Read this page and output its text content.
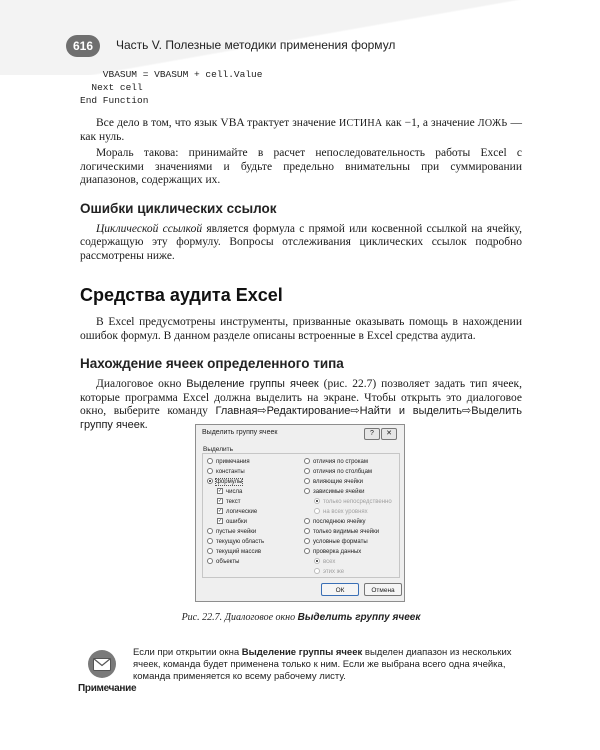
616	Часть V. Полезные методики применения формул
VBASUM = VBASUM + cell.Value
Next cell
End Function

Все дело в том, что язык VBA трактует значение ИСТИНА как −1, а значение ЛОЖЬ — как нуль.

Мораль такова: принимайте в расчет непоследовательность работы Excel с логическими значениями и будьте предельно внимательны при суммировании диапазонов, содержащих их.

Ошибки циклических ссылок

Циклической ссылкой является формула с прямой или косвенной ссылкой на ячейку, содержащую эту формулу. Вопросы отслеживания циклических ссылок подробно рассмотрены ниже.

Средства аудита Excel

В Excel предусмотрены инструменты, призванные оказывать помощь в нахождении ошибок формул. В данном разделе описаны встроенные в Excel средства аудита.

Нахождение ячеек определенного типа

Диалоговое окно Выделение группы ячеек (рис. 22.7) позволяет задать тип ячеек, которые программа Excel должна выделить на экране. Чтобы открыть это диалоговое окно, выберите команду Главная⇨Редактирование⇨Найти и выделить⇨Выделить группу ячеек.

Выделить группу ячеек	?	✕
Выделить
примечания
константы
формулы
✓ числа
✓ текст
✓ логические
✓ ошибки
пустые ячейки
текущую область
текущий массив
объекты
отличия по строкам
отличия по столбцам
влияющие ячейки
зависимые ячейки
только непосредственно
на всех уровнях
последнюю ячейку
только видимые ячейки
условные форматы
проверка данных
всех
этих же
ОК	Отмена
Рис. 22.7. Диалоговое окно Выделить группу ячеек
Примечание
Если при открытии окна Выделение группы ячеек выделен диапазон из нескольких ячеек, команда будет применена только к ним. Если же выбрана всего одна ячейка, команда применяется ко всему рабочему листу.
